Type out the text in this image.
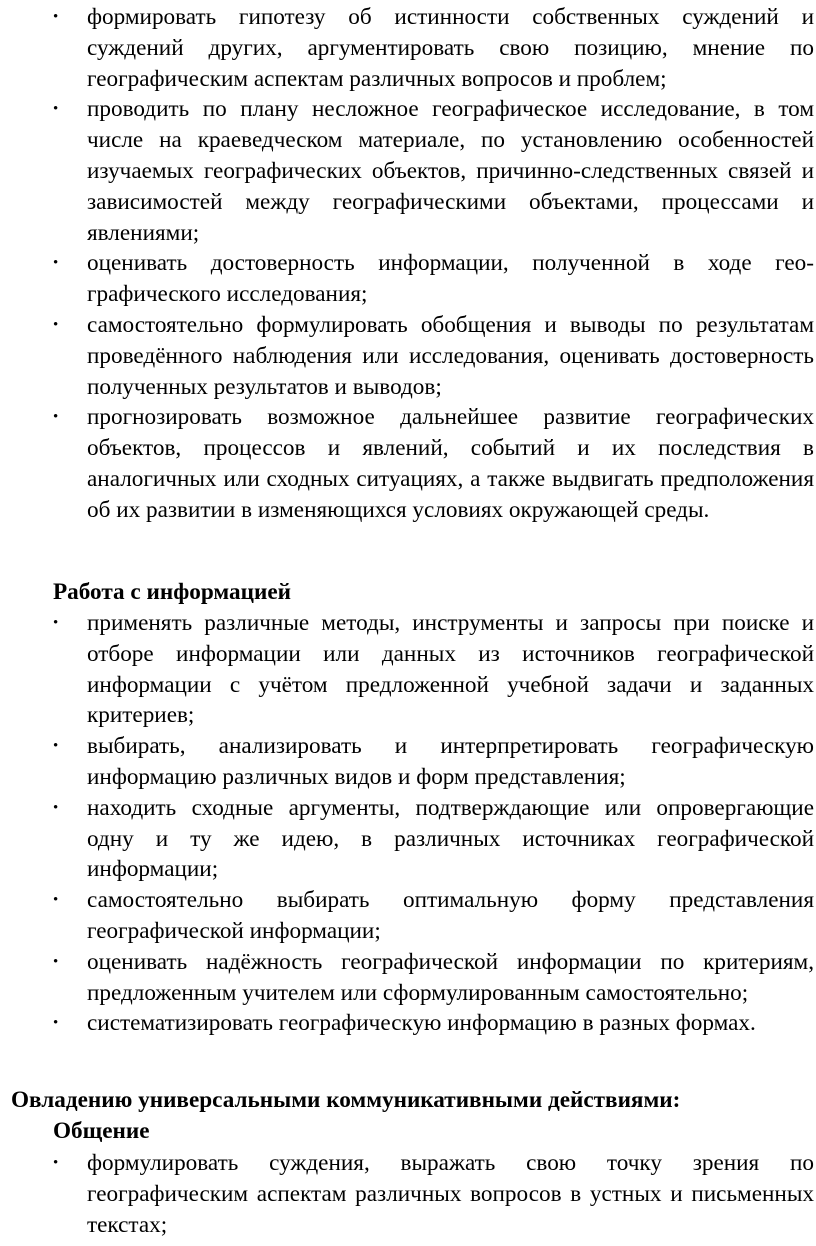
• формировать гипотезу об истинности собственных суждений и суждений других, аргументировать свою позицию, мнение по географическим аспектам различных вопросов и проблем;
• проводить по плану несложное географическое исследование, в том числе на краеведческом материале, по установлению особенностей изучаемых географических объектов, причинно-следственных связей и зависимостей между географическими объектами, процессами и явлениями;
• оценивать достоверность информации, полученной в ходе гео-графического исследования;
• самостоятельно формулировать обобщения и выводы по результатам проведённого наблюдения или исследования, оценивать достоверность полученных результатов и выводов;
• прогнозировать возможное дальнейшее развитие географических объектов, процессов и явлений, событий и их последствия в аналогичных или сходных ситуациях, а также выдвигать предположения об их развитии в изменяющихся условиях окружающей среды.

Работа с информацией

• применять различные методы, инструменты и запросы при поиске и отборе информации или данных из источников географической информации с учётом предложенной учебной задачи и заданных критериев;
• выбирать, анализировать и интерпретировать географическую информацию различных видов и форм представления;
• находить сходные аргументы, подтверждающие или опровергающие одну и ту же идею, в различных источниках географической информации;
• самостоятельно выбирать оптимальную форму представления географической информации;
• оценивать надёжность географической информации по критериям, предложенным учителем или сформулированным самостоятельно;
• систематизировать географическую информацию в разных формах.

Овладению универсальными коммуникативными действиями:

Общение

• формулировать суждения, выражать свою точку зрения по географическим аспектам различных вопросов в устных и письменных текстах;
